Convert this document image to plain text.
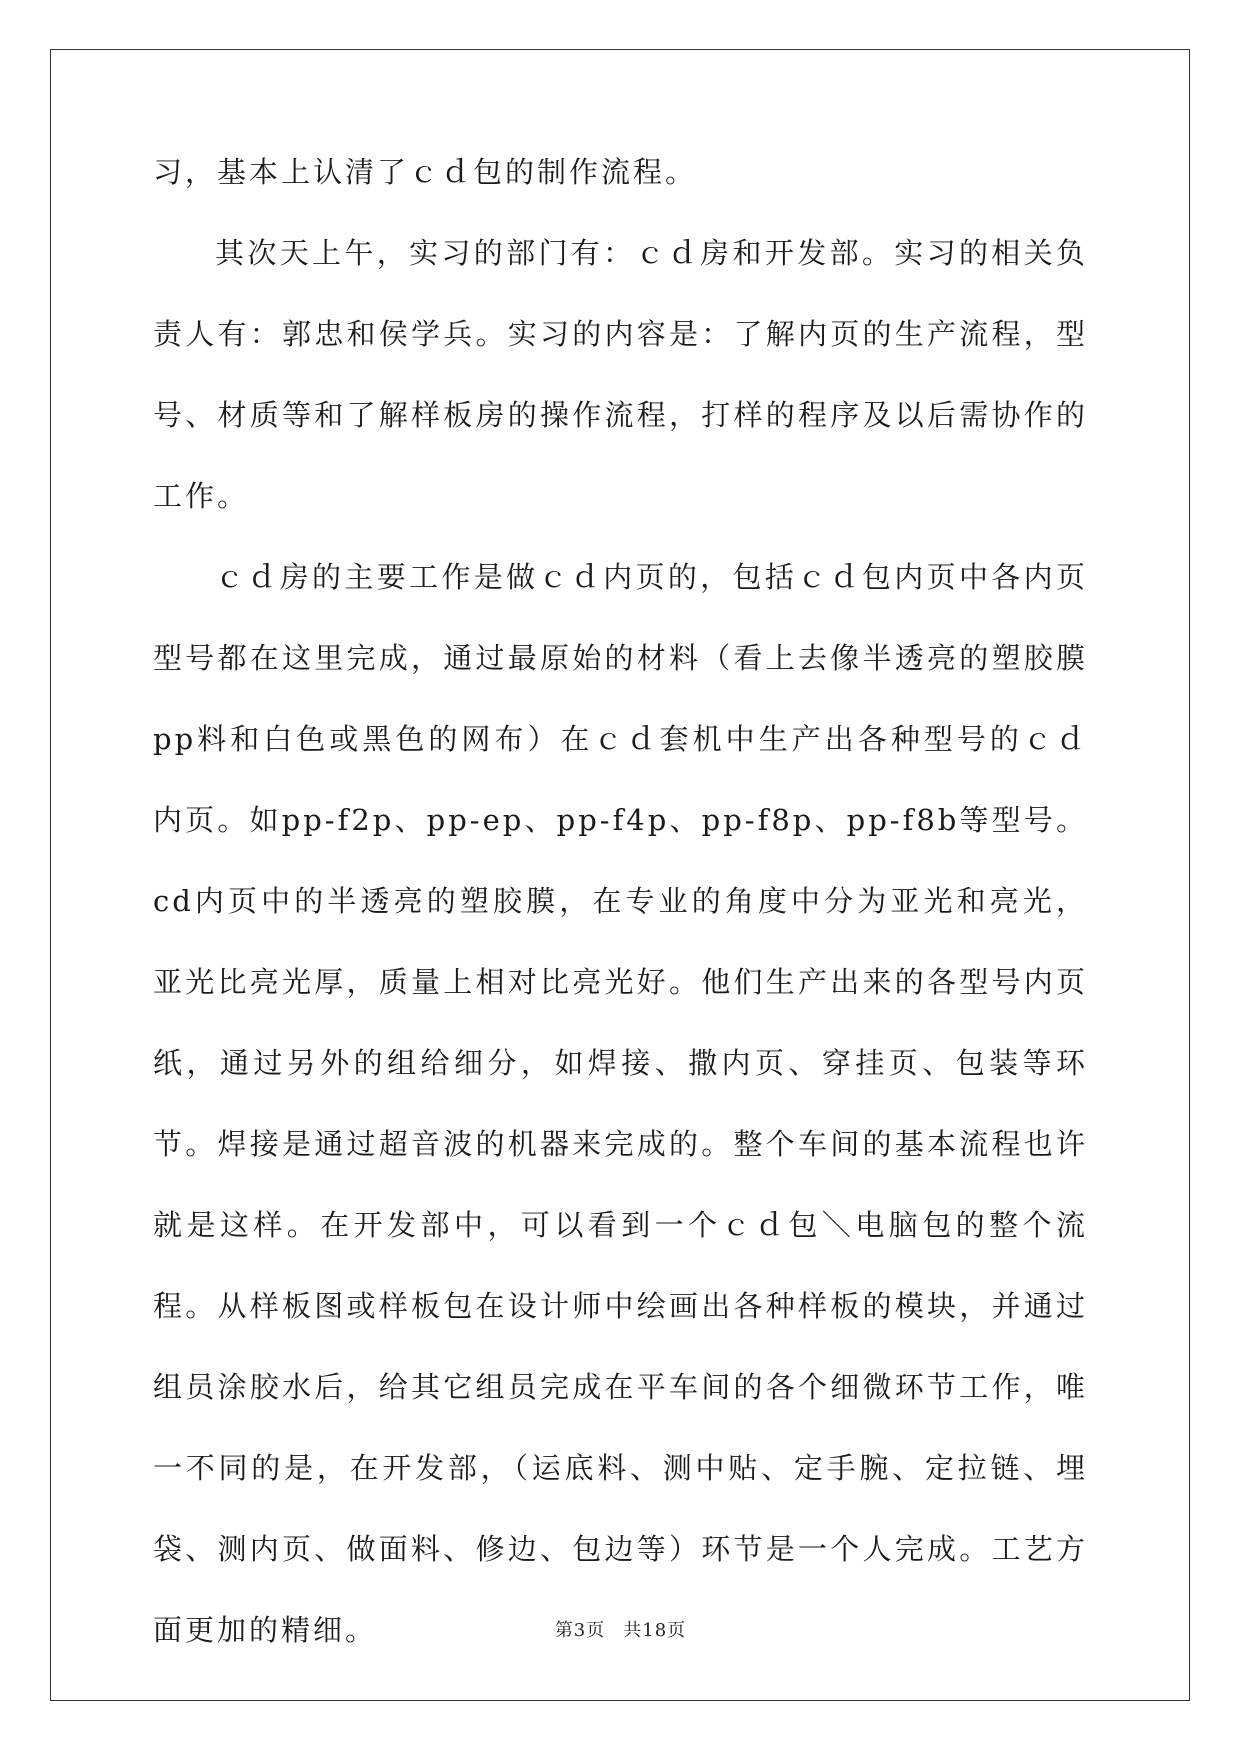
习，基本上认清了ｃｄ包的制作流程。

其次天上午，实习的部门有：ｃｄ房和开发部。实习的相关负责人有：郭忠和侯学兵。实习的内容是：了解内页的生产流程，型号、材质等和了解样板房的操作流程，打样的程序及以后需协作的工作。

ｃｄ房的主要工作是做ｃｄ内页的，包括ｃｄ包内页中各内页型号都在这里完成，通过最原始的材料（看上去像半透亮的塑胶膜pp料和白色或黑色的网布）在ｃｄ套机中生产出各种型号的ｃｄ内页。如pp-f2p、pp-ep、pp-f4p、pp-f8p、pp-f8b等型号。cd内页中的半透亮的塑胶膜，在专业的角度中分为亚光和亮光，亚光比亮光厚，质量上相对比亮光好。他们生产出来的各型号内页纸，通过另外的组给细分，如焊接、撒内页、穿挂页、包装等环节。焊接是通过超音波的机器来完成的。整个车间的基本流程也许就是这样。在开发部中，可以看到一个ｃｄ包＼电脑包的整个流程。从样板图或样板包在设计师中绘画出各种样板的模块，并通过组员涂胶水后，给其它组员完成在平车间的各个细微环节工作，唯一不同的是，在开发部，（运底料、测中贴、定手腕、定拉链、埋袋、测内页、做面料、修边、包边等）环节是一个人完成。工艺方面更加的精细。	第3页 共18页
